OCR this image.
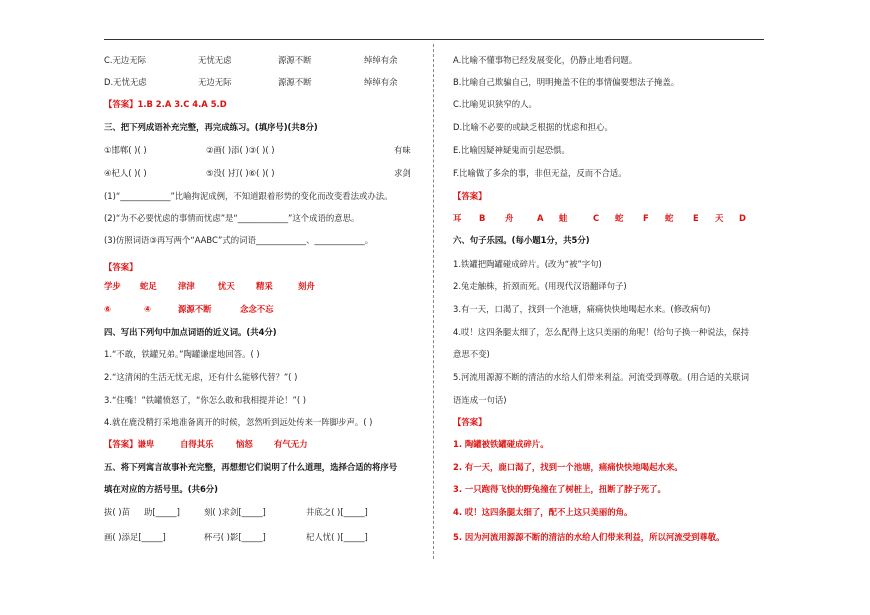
C.无边无际	无忧无虑	源源不断	绰绰有余
D.无忧无虑	无边无际	源源不断	绰绰有余
【答案】1.B 2.A 3.C 4.A 5.D
三、把下列成语补充完整，再完成练习。(填序号)(共8分)
①邯郸( )( )	②画( )添( )③( )( )	有味
④杞人( )( )	⑤没( )打( )⑥( )( )	求剑
(1)“____________”比喻拘泥成例，不知道跟着形势的变化而改变看法或办法。
(2)“为不必要忧虑的事情而忧虑”是“____________”这个成语的意思。
(3)仿照词语③再写两个“AABC”式的词语____________、____________。
【答案】
学步 蛇足	津津	忧天	精采	刻舟
⑥	④	源源不断	念念不忘
四、写出下列句中加点词语的近义词。(共4分)
1.“不敢，铁罐兄弟。”陶罐谦虚地回答。( )
2.“这清闲的生活无忧无虑，还有什么能够代替？”( )
3.“住嘴！”铁罐愤怒了，“你怎么敢和我相提并论！”( )
4.就在鹿没精打采地准备离开的时候，忽然听到远处传来一阵脚步声。( )
【答案】谦卑	自得其乐	恼怒	有气无力
五、将下列寓言故事补充完整，再想想它们说明了什么道理，选择合适的将序号
填在对应的方括号里。(共6分)
拔( )苗 助[_____]	刻( )求剑[_____]	井底之( )[_____]
画( )添足[_____]	杯弓( )影[_____]	杞人忧( )[_____]
A.比喻不懂事物已经发展变化，仍静止地看问题。
B.比喻自己欺骗自己，明明掩盖不住的事情偏要想法子掩盖。
C.比喻见识狭窄的人。
D.比喻不必要的或缺乏根据的忧虑和担心。
E.比喻因疑神疑鬼而引起恐惧。
F.比喻做了多余的事，非但无益，反而不合适。
【答案】
耳 B 舟	A 蛙	C 蛇 F 蛇 E 天 D
六、句子乐园。(每小题1分，共5分)
1.铁罐把陶罐碰成碎片。(改为“被”字句)
2.兔走触株，折颈而死。(用现代汉语翻译句子)
3.有一天，口渴了，找到一个池塘，痛痛快快地喝起水来。(修改病句)
4.哎！这四条腿太细了，怎么配得上这只美丽的角呢！(给句子换一种说法，保持
意思不变)
5.河流用源源不断的清洁的水给人们带来利益。河流受到尊敬。(用合适的关联词
语连成一句话)
【答案】
1. 陶罐被铁罐碰成碎片。
2. 有一天，鹿口渴了，找到一个池塘，痛痛快快地喝起水来。
3. 一只跑得飞快的野兔撞在了树桩上，扭断了脖子死了。
4. 哎！这四条腿太细了，配不上这只美丽的角。
5. 因为河流用源源不断的清洁的水给人们带来利益，所以河流受到尊敬。
